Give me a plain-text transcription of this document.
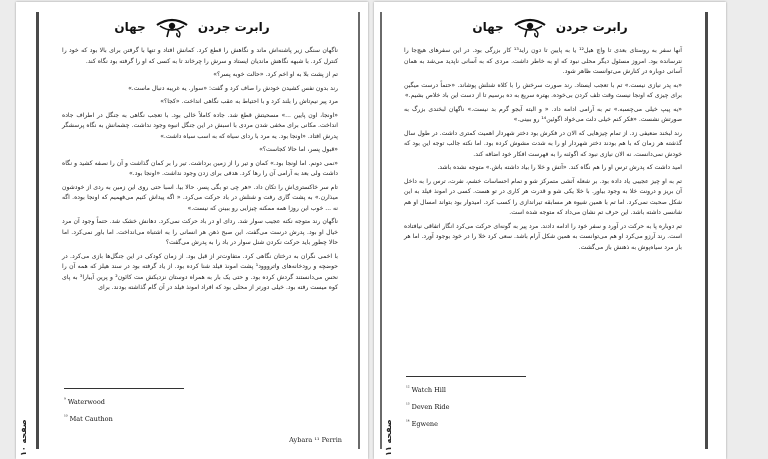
جهان	رابرت جردن

ناگهان سنگی زیر پاشنه‌اش ماند و نگاهش را قطع کرد. کمانش افتاد و تنها با گرفتن برای بالا بود که خود را کنترل کرد. با شبهه نگاهش ماندیان ایستاد و سرش را چرخاند تا به کسی که او را گرفته بود نگاه کند.

تم از پشت بلا به او اخم کرد. «حالت خوبه پسر؟»

رند بدون نفس کشیدن خودش را صاف کرد و گفت: «سوار. یه غریبه دنبال ماست.»

مرد پیر نیم‌تاش را بلند کرد و با احتیاط به عقب نگاهی انداخت. «کجا؟»

«اونجا، اون پایین ...» مسحیتش قطع شد. جاده کاملاً خالی بود. با تعجب نگاهی به جنگل در اطراف جاده انداخت. مکانی برای مخفی شدن مردی با اسبش در این جنگل انبوه وجود نداشت. چشمانش به نگاه پرسشگر پدرش افتاد. «اونجا بود. یه مرد با ردای سیاه که به اسب سیاه داشت.»

«قبول پسر، اما حالا کجاست؟»

«نمی دونم. اما اونجا بود.» کمان و تیر را از زمین برداشت. تیر را بر کمان گذاشت و آن را نصفه کشید و نگاه داشت ولی بعد به آرامی آن را رها کرد. هدفی برای زدن وجود نداشت. «اونجا بود.»

تام سر خاکستری‌اش را تکان داد. «هر چی تو بگی پسر. حالا بیا. اسبا حتی روی این زمین به ردی از خودشون میذارن.» به پشت گاری رفت و شنلش در باد حرکت می‌کرد. « اگه پیداش کنیم می‌فهمیم که اونجا بوده. اگه نه ... خوب این روزا همه ممکنه چیزایی رو ببینن که نیست.»

ناگهان رند متوجه نکته عجیب سوار شد. ردای او در باد حرکت نمی‌کرد. دهانش خشک شد. حتماً وجود آن مرد خیال او بود. پدرش درست می‌گفت. این صبح ذهن هر انسانی را به اشتباه می‌انداخت. اما باور نمی‌کرد. اما حالا چطور باید حرکت نکردن شنل سوار در باد را به پدرش می‌گفت؟

با اخمی نگران به درختان نگاهی کرد. متفاوت‌تر از قبل بود. از زمان کودکی در این جنگل‌ها بازی می‌کرد. در حوضچه و رودخانه‌های واترووود¹ پشت امونذ فیلد شنا کرده بود. از یاد گرفته بود در سند هیلز که همه آن را نحس می‌دانستند گردش کرده بود. و حتی یک بار به همراه دوستان نزدیکش مت کائون² و پرین آیبارا³ به پای کوه میست رفته بود. خیلی دورتر از محلی بود که افراد امونذ فیلد در آن گام گذاشته بودند. برای

$^{^9}$ Waterwood
$^{^{10}}$ Mat Cauthon
Aybara ¹¹ Perrin
صفحه ۱۰
جهان	رابرت جردن

آنها سفر به روستای بعدی تا واچ هیل¹² یا به پایین تا دون راید¹³ کار بزرگی بود. در این سفرهای هیچ‌جا را نترسانده بود. امروز مسئول دیگر محلی نبود که او به خاطر داشت. مردی که به آسانی ناپدید می‌شد به همان آسانی دوباره در کنارش می‌توانست ظاهر شود.

«به پدر نیازی نیست.» تم با تعجب ایستاد. رند صورت سرخش را با کلاه شنلش پوشاند. «حتماً درست میگین برای چیزی که اونجا نیست وقت تلف کردن بی‌خوده. بهتره سریع به ده برسیم تا از دست این باد خلاص بشیم.»

«یه پیپ خیلی می‌چسبه.» تم به آرامی ادامه داد. « و البته آبجو گرم بد نیست.» ناگهان لبخندی بزرگ به صورتش نشست. «فکر کنم خیلی دلت می‌خواد اگوئین¹⁴ رو ببینی.»

رند لبخند ضعیفی زد. از تمام چیزهایی که الان در فکرش بود دختر شهردار اهمیت کمتری داشت. در طول سال گذشته هر زمان که با هم بودند دختر شهردار او را به شدت مشوش کرده بود. اما نکته جالب توجه این بود که خودش نمی‌دانست. نه الان نیازی نبود که اگوئنه را به فهرست افکار خود اضافه کند.

امید داشت که پدرش ترس او را هم نگاه کند. «آتش و خلا را بیاد داشته باش.» متوجه نشده باشد.

تم به او چیز عجیبی یاد داده بود. بر شعله آتشی متمرکز شو و تمام احساسات خشم، نفرت، ترس را به داخل آن بریز و درونت خلا به وجود بیاور. با خلا یکی شو و قدرت هر کاری در تو هست. کسی در امونذ فیلد به این شکل صحبت نمی‌کرد. اما تم با همین شیوه هر مسابقه تیراندازی را کسب کرد. امیدوار بود بتواند امسال او هم شانسی داشته باشد. این حرف تم نشان می‌داد که متوجه شده است.

تم دوباره پا به حرکت در آورد و سفر خود را ادامه دادند. مرد پیر به گونه‌ای حرکت می‌کرد انگار اتفاقی نیافتاده است. رند آرزو می‌کرد او هم می‌توانست به همین شکل آرام باشد. سعی کرد خلا را در خود بوجود آورد. اما هر بار مرد سیاه‌پوش به ذهنش باز می‌گشت.

$^{^{12}}$ Watch Hill
$^{^{13}}$ Deven Ride
$^{^{14}}$ Egwene
صفحه ۱۱
